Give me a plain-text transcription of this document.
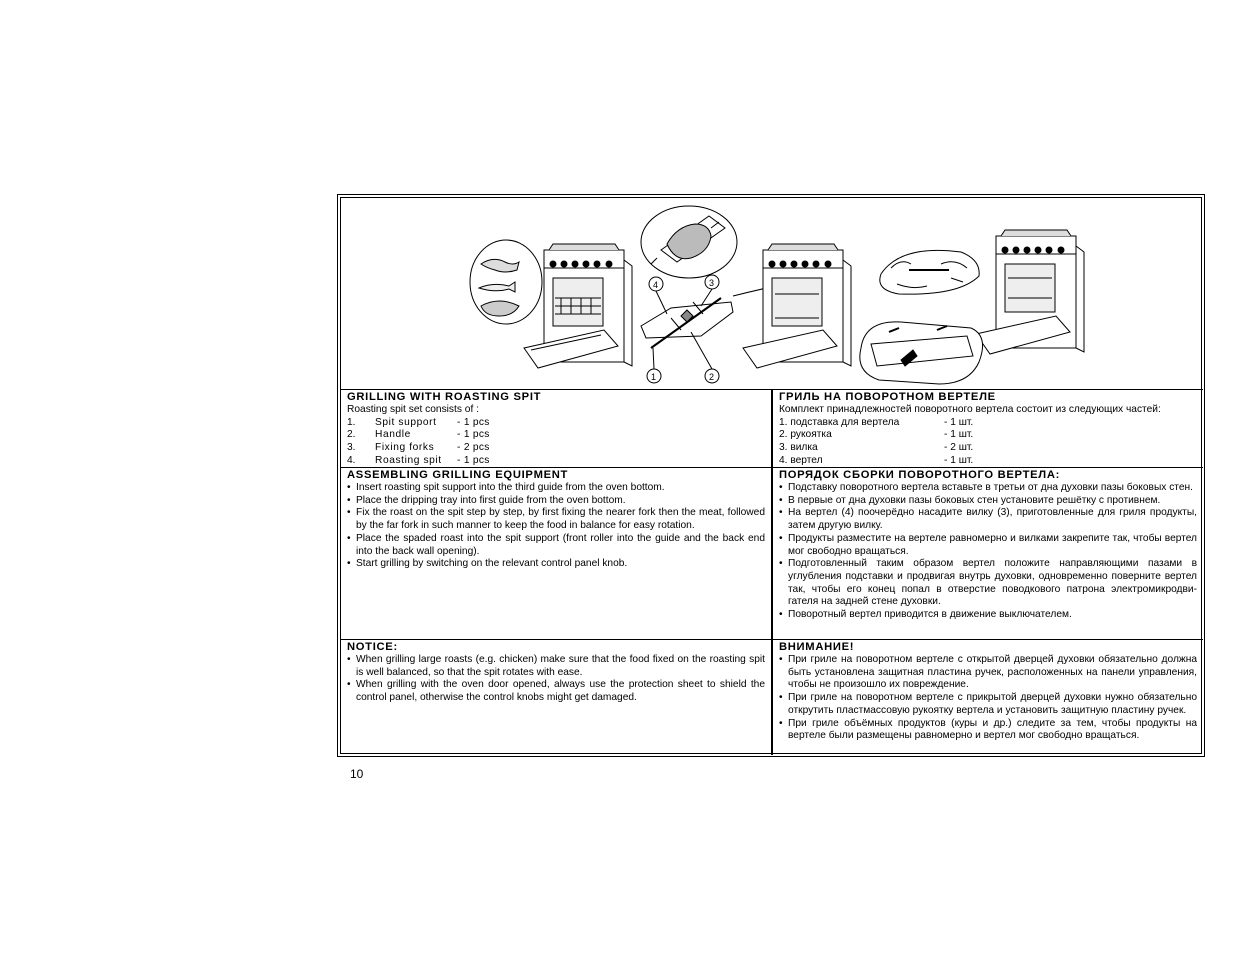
4	3
1	2
GRILLING WITH ROASTING SPIT

Roasting spit set consists of :

1.	Spit support	- 1 pcs
2.	Handle	- 1 pcs
3.	Fixing forks	- 2 pcs
4.	Roasting spit	- 1 pcs
ГРИЛЬ НА ПОВОРОТНОМ ВЕРТЕЛЕ

Комплект принадлежностей поворотного вертела состоит из следующих частей:

1. подставка для вертела	- 1 шт.
2. рукоятка	- 1 шт.
3. вилка	- 2 шт.
4. вертел	- 1 шт.
ASSEMBLING GRILLING EQUIPMENT
• Insert roasting spit support into the third guide from the oven bottom.
• Place the dripping tray into first guide from the oven bottom.
• Fix the roast on the spit step by step, by first fixing the nearer fork then the meat, followed by the far fork in such manner to keep the food in balance for easy rotation.
• Place the spaded roast into the spit support (front roller into the guide and the back end into the back wall opening).
• Start grilling by switching on the relevant control panel knob.
ПОРЯДОК СБОРКИ ПОВОРОТНОГО ВЕРТЕЛА:
• Подставку поворотного вертела вставьте в третьи от дна духовки пазы боковых стен.
• В первые от дна духовки пазы боковых стен установите решётку с противнем.
• На вертел (4) поочерёдно насадите вилку (3), приготовленные для гриля продукты, затем другую вилку.
• Продукты разместите на вертеле равномерно и вилками закрепите так, чтобы вертел мог свободно вращаться.
• Подготовленный таким образом вертел положите направляющими пазами в углубления подставки и продвигая внутрь духовки, одновременно поверните вертел так, чтобы его конец попал в отверстие поводкового патрона электромикродви- гателя на задней стене духовки.
• Поворотный вертел приводится в движение выключателем.
NOTICE:
• When grilling large roasts (e.g. chicken) make sure that the food fixed on the roasting spit is well balanced, so that the spit rotates with ease.
• When grilling with the oven door opened, always use the protection sheet to shield the control panel, otherwise the control knobs might get damaged.
ВНИМАНИЕ!
• При гриле на поворотном вертеле с открытой дверцей духовки обязательно должна быть установлена защитная пластина ручек, расположенных на панели управления, чтобы не произошло их повреждение.
• При гриле на поворотном вертеле с прикрытой дверцей духовки нужно обязательно открутить пластмассовую рукоятку вертела и установить защитную пластину ручек.
• При гриле объёмных продуктов (куры и др.) следите за тем, чтобы продукты на вертеле были размещены равномерно и вертел мог свободно вращаться.
10
